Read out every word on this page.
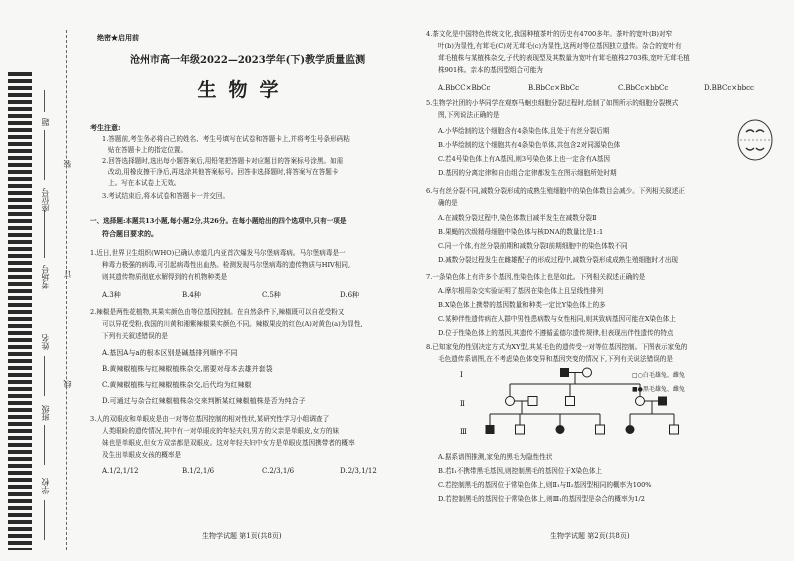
题
姓名
考场号
座位号
班级
学校
装
订
线
绝密★启用前
沧州市高一年级2022—2023学年(下)教学质量监测
生物学
考生注意:
1.答题前,考生务必将自己的姓名、考生号填写在试卷和答题卡上,并将考生号条形码粘
贴在答题卡上的指定位置。
2.回答选择题时,选出每小题答案后,用铅笔把答题卡对应题目的答案标号涂黑。如需
改动,用橡皮擦干净后,再选涂其他答案标号。回答非选择题时,将答案写在答题卡
上。写在本试卷上无效。
3.考试结束后,将本试卷和答题卡一并交回。
一、选择题:本题共13小题,每小题2分,共26分。在每小题给出的四个选项中,只有一项是
符合题目要求的。
1.近日,世界卫生组织(WHO)已确认赤道几内亚首次爆发马尔堡病毒病。马尔堡病毒是一
种毒力极强的病毒,可引起病毒性出血热。检测发现马尔堡病毒的遗传物质与HIV相同,
则其遗传物质彻底水解得到的有机物种类是
A.3种	B.4种	C.5种	D.6种
2.辣椒是两性花植物,其果实颜色由等位基因控制。在自然条件下,辣椒既可以自花受粉又
可以异花受粉,我国的川黄和湘紫辣椒果实颜色不同。辣椒果皮的红色(A)对黄色(a)为显性,
下列有关叙述错误的是
A.基因A与a的根本区别是碱基排列顺序不同
B.黄辣椒植株与红辣椒植株杂交,需要对母本去雄并套袋
C.黄辣椒植株与红辣椒植株杂交,后代均为红辣椒
D.可通过与杂合红辣椒植株杂交来判断某红辣椒植株是否为纯合子
3.人的双眼皮和单眼皮是由一对等位基因控制的相对性状,某研究性学习小组调查了
人类眼睑的遗传情况,其中有一对单眼皮的年轻夫妇,男方的父亲是单眼皮,女方的妹
妹也是单眼皮,但女方双亲都是双眼皮。这对年轻夫妇中女方是单眼皮基因携带者的概率
及生出单眼皮女孩的概率是
A.1/2,1/12	B.1/2,1/6	C.2/3,1/6	D.2/3,1/12
生物学试题 第1页(共8页)
4.茶文化是中国特色传统文化,我国种植茶叶的历史有4700多年。茶叶的宽叶(B)对窄
叶(b)为显性,有茸毛(C)对无茸毛(c)为显性,这两对等位基因独立遗传。杂合的宽叶有
茸毛植株与某植株杂交,子代的表现型及其数量为宽叶有茸毛植株2703株,宽叶无茸毛植
株901株。亲本的基因型组合可能为
A.BbCC×BbCc	B.BbCc×BbCc	C.BbCc×bbCc	D.BBCc×bbcc
5.生物学社团的小华同学在观察马蛔虫细胞分裂过程时,绘制了如图所示的细胞分裂模式
图,下列说法正确的是
A.小华绘制的这个细胞含有4条染色体,且处于有丝分裂后期
B.小华绘制的这个细胞共有4条染色单体,共包含2对同源染色体
C.若4号染色体上有A基因,则3号染色体上也一定含有A基因
D.基因的分离定律和自由组合定律都发生在图示细胞所处时期
6.与有丝分裂不同,减数分裂形成的成熟生殖细胞中的染色体数目会减少。下列相关叙述正
确的是
A.在减数分裂过程中,染色体数目减半发生在减数分裂Ⅱ
B.果蝇的次级精母细胞中染色体与核DNA的数量比是1:1
C.同一个体,有丝分裂前期和减数分裂Ⅰ前期细胞中的染色体数不同
D.减数分裂过程发生在雌雄配子的形成过程中,减数分裂形成成熟生殖细胞时才出现
7.一条染色体上有许多个基因,性染色体上也是如此。下列相关叙述正确的是
A.摩尔根用杂交实验证明了基因在染色体上且呈线性排列
B.X染色体上携带的基因数量和种类一定比Y染色体上的多
C.某种伴性遗传病在人群中男性患病数与女性相同,则其致病基因可能在X染色体上
D.位于性染色体上的基因,其遗传不遵循孟德尔遗传规律,但表现出伴性遗传的特点
8.已知家兔的性别决定方式为XY型,其某毛色的遗传受一对等位基因控制。下图表示家兔的
毛色遗传系谱图,在不考虑染色体变异和基因突变的情况下,下列有关说法错误的是
Ⅰ
Ⅱ
Ⅲ
□○白毛雄兔、雌兔
■●黑毛雄兔、雌兔
A.据系谱图推测,家兔的黑毛为隐性性状
B.若Ⅰ₁不携带黑毛基因,则控制黑毛的基因位于X染色体上
C.若控制黑毛的基因位于常染色体上,则Ⅱ₁与Ⅱ₂基因型相同的概率为100%
D.若控制黑毛的基因位于常染色体上,则Ⅲ₁的基因型是杂合的概率为1/2
生物学试题 第2页(共8页)
